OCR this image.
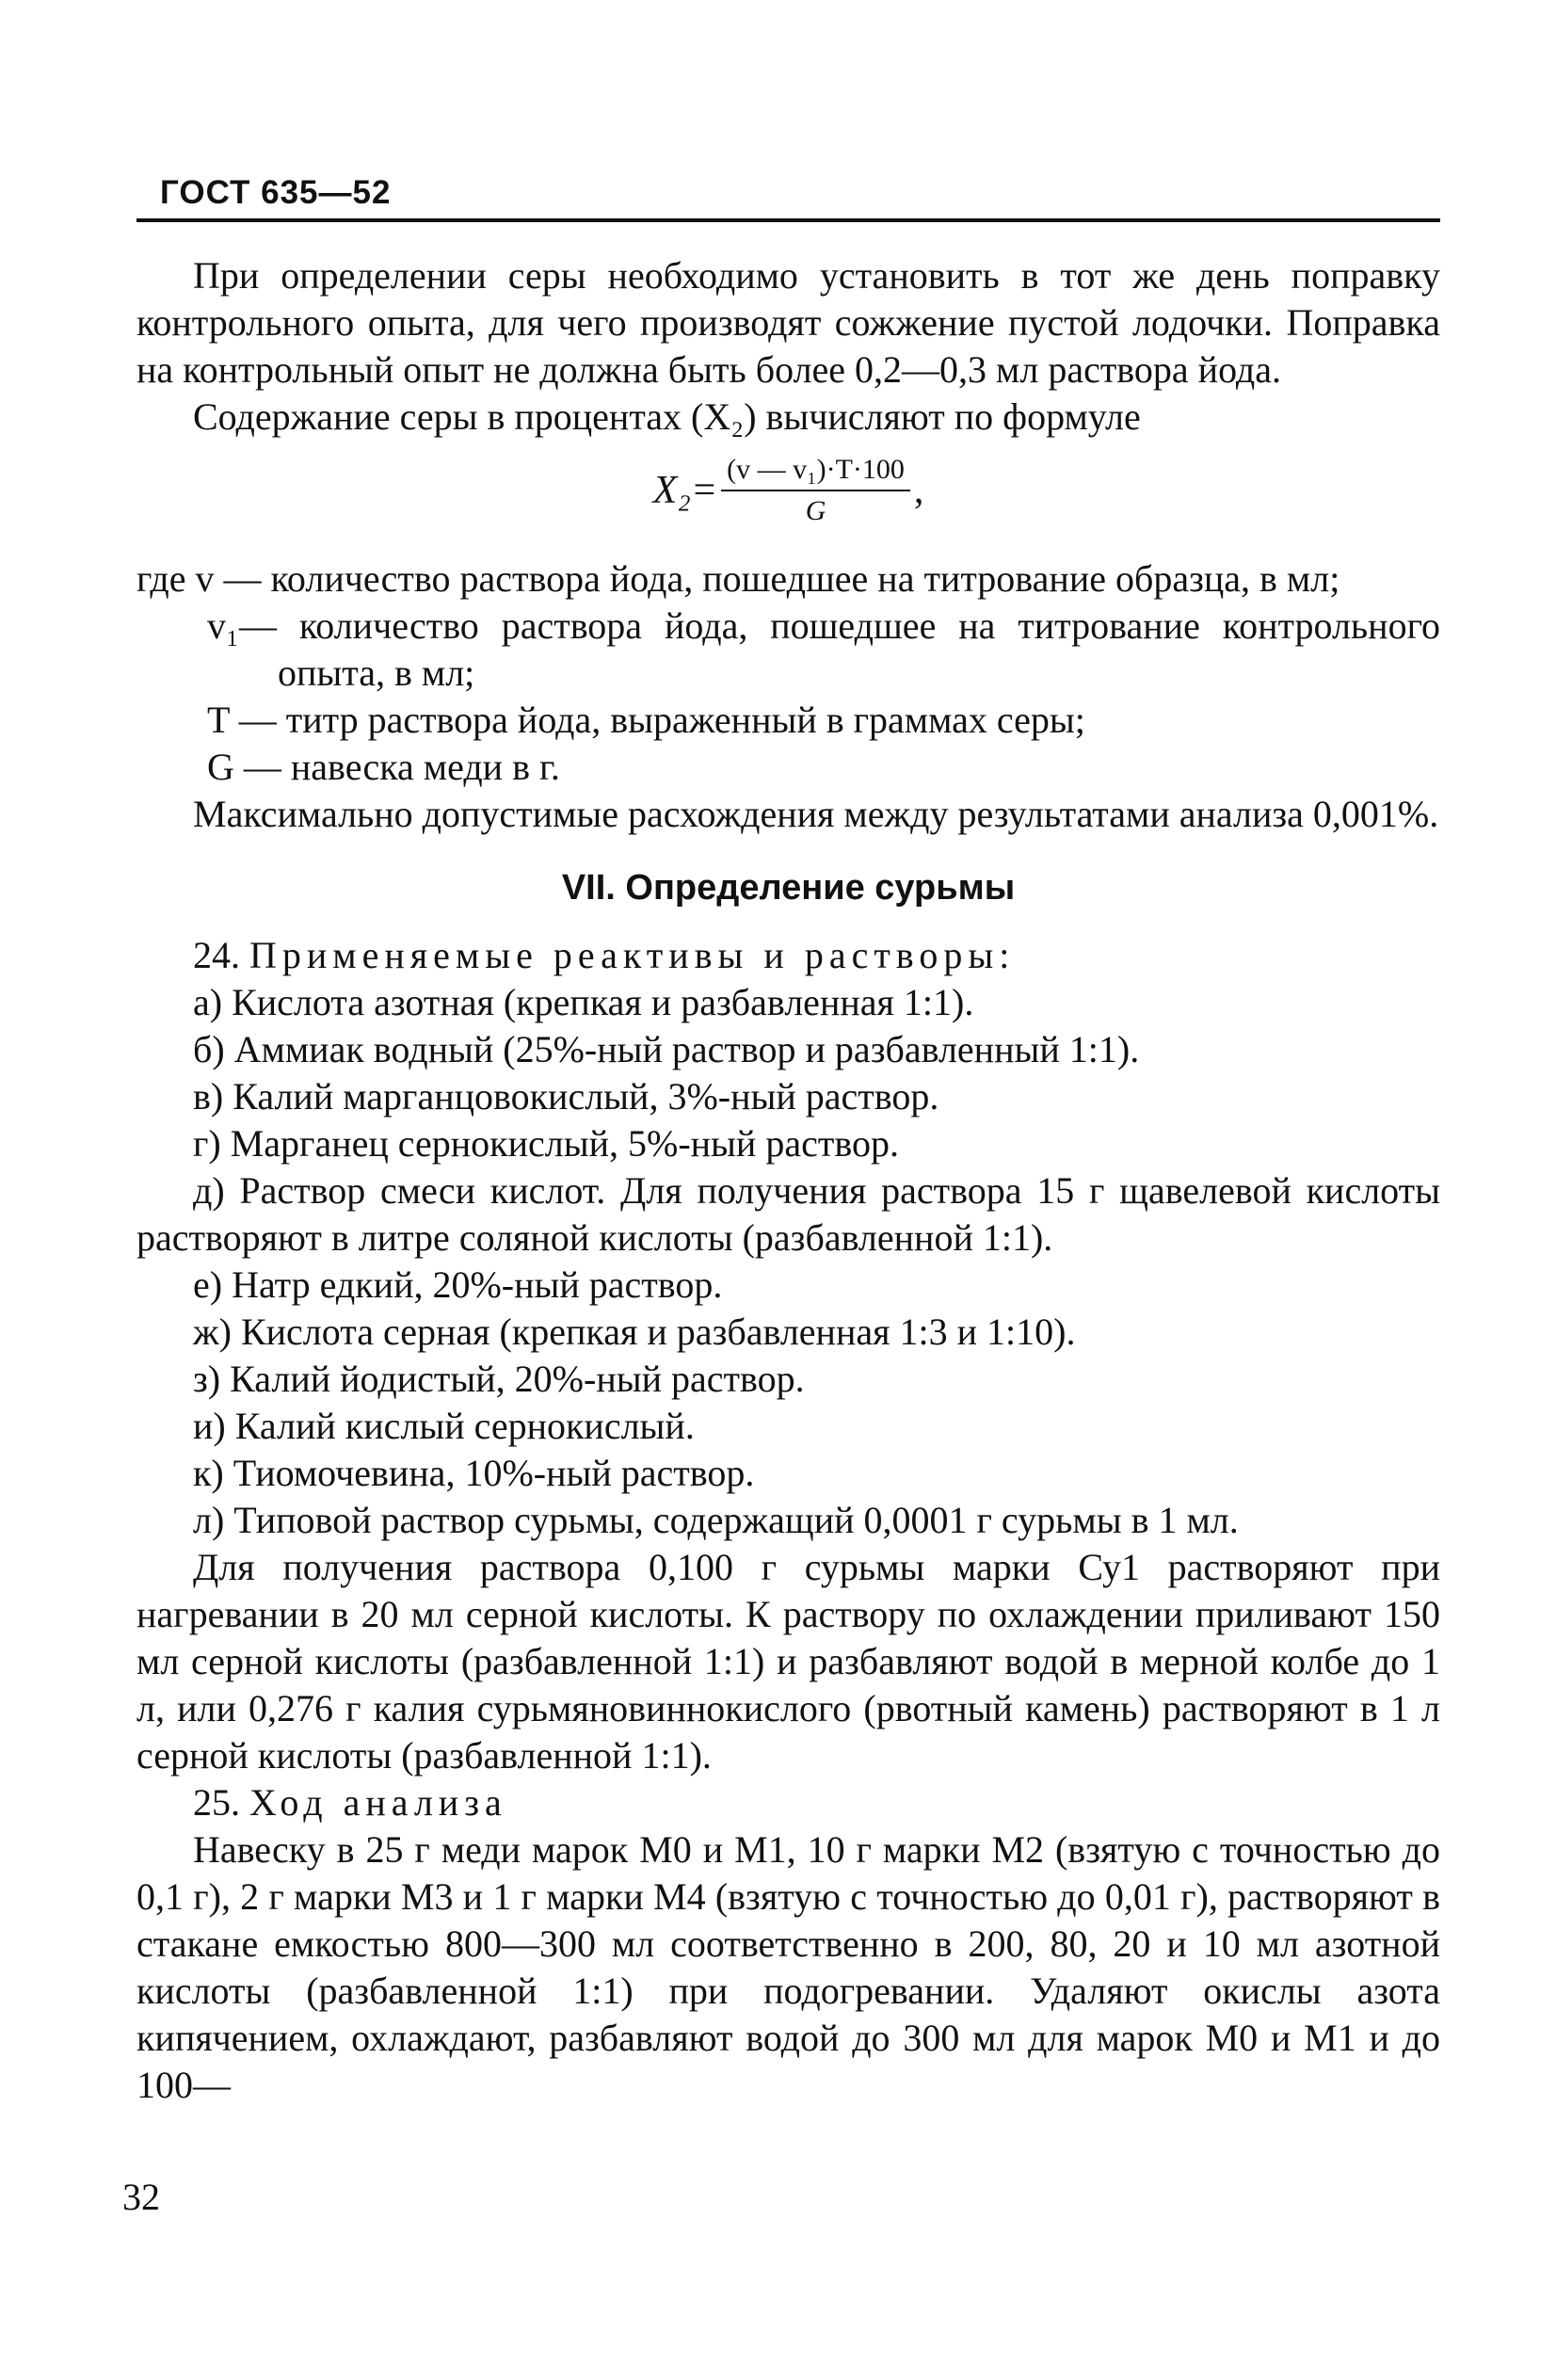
ГОСТ 635—52
При определении серы необходимо установить в тот же день поправку контрольного опыта, для чего производят сожжение пустой лодочки. Поправка на контрольный опыт не должна быть более 0,2—0,3 мл раствора йода.
Содержание серы в процентах (X₂) вычисляют по формуле
$X_2= \frac{\text{(v — v₁)·T·100}}{G}$ ,
где v — количество раствора йода, пошедшее на титрование образца, в мл;
v₁— количество раствора йода, пошедшее на титрование контрольного опыта, в мл;
T — титр раствора йода, выраженный в граммах серы;
G — навеска меди в г.
Максимально допустимые расхождения между результатами анализа 0,001%.
VII. Определение сурьмы
24. Применяемые реактивы и растворы:
а) Кислота азотная (крепкая и разбавленная 1:1).
б) Аммиак водный (25%-ный раствор и разбавленный 1:1).
в) Калий марганцовокислый, 3%-ный раствор.
г) Марганец сернокислый, 5%-ный раствор.
д) Раствор смеси кислот. Для получения раствора 15 г щавелевой кислоты растворяют в литре соляной кислоты (разбавленной 1:1).
е) Натр едкий, 20%-ный раствор.
ж) Кислота серная (крепкая и разбавленная 1:3 и 1:10).
з) Калий йодистый, 20%-ный раствор.
и) Калий кислый сернокислый.
к) Тиомочевина, 10%-ный раствор.
л) Типовой раствор сурьмы, содержащий 0,0001 г сурьмы в 1 мл.
Для получения раствора 0,100 г сурьмы марки Су1 растворяют при нагревании в 20 мл серной кислоты. К раствору по охлаждении приливают 150 мл серной кислоты (разбавленной 1:1) и разбавляют водой в мерной колбе до 1 л, или 0,276 г калия сурьмяновиннокислого (рвотный камень) растворяют в 1 л серной кислоты (разбавленной 1:1).
25. Ход анализа
Навеску в 25 г меди марок М0 и М1, 10 г марки М2 (взятую с точностью до 0,1 г), 2 г марки М3 и 1 г марки М4 (взятую с точностью до 0,01 г), растворяют в стакане емкостью 800—300 мл соответственно в 200, 80, 20 и 10 мл азотной кислоты (разбавленной 1:1) при подогревании. Удаляют окислы азота кипячением, охлаждают, разбавляют водой до 300 мл для марок М0 и М1 и до 100—
32
